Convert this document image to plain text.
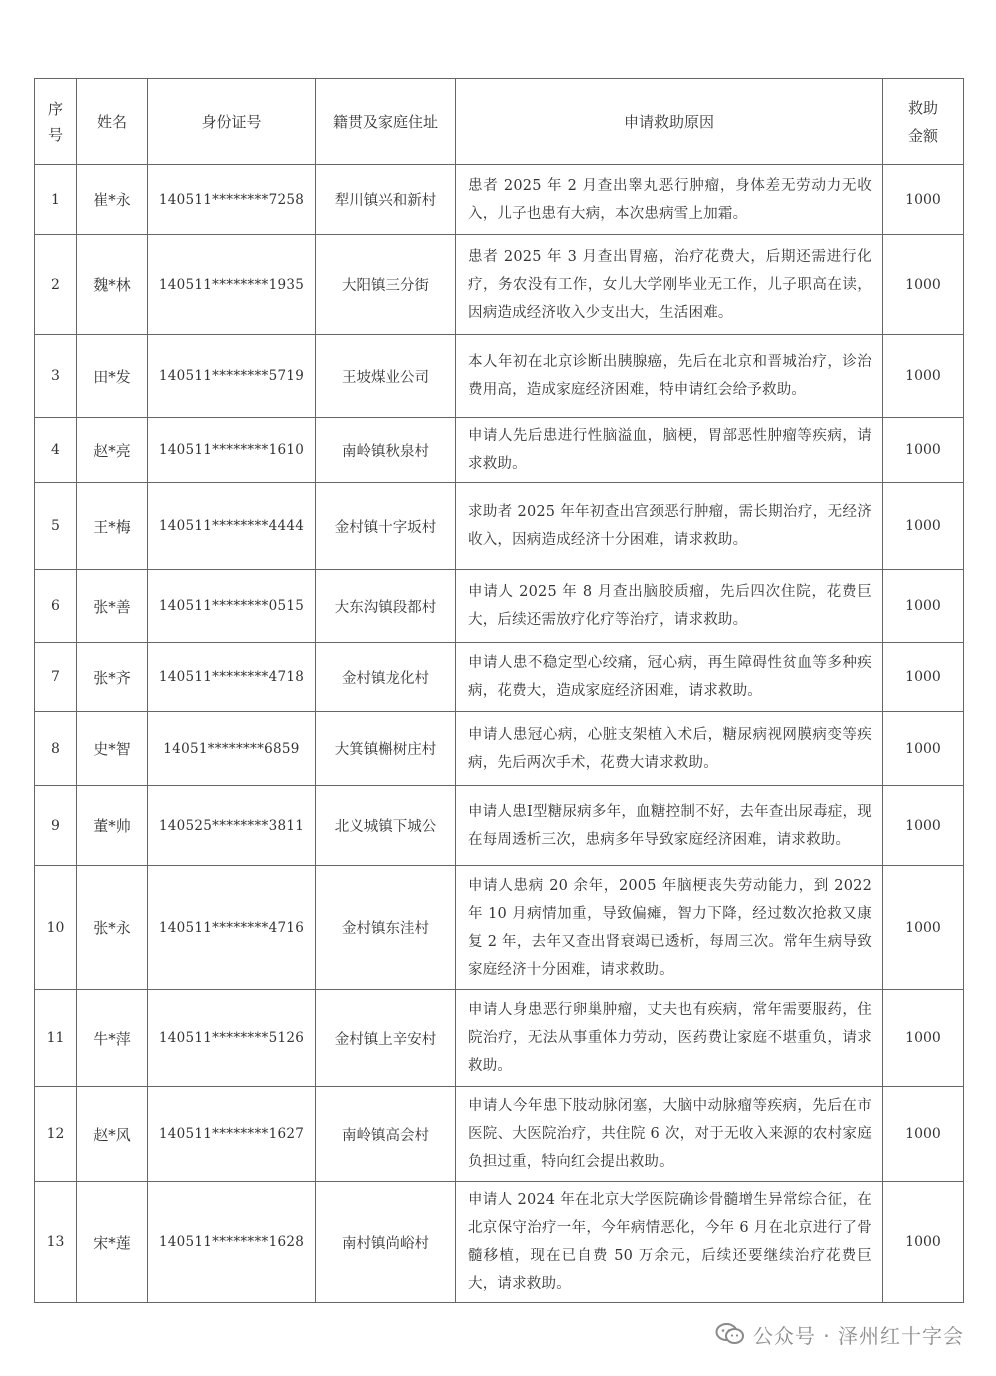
序号	姓名	身份证号	籍贯及家庭住址	申请救助原因	救助金额
1	崔*永	140511********7258	犁川镇兴和新村	患者 2025 年 2 月查出睾丸恶行肿瘤，身体差无劳动力无收入，儿子也患有大病，本次患病雪上加霜。	1000
2	魏*林	140511********1935	大阳镇三分街	患者 2025 年 3 月查出胃癌，治疗花费大，后期还需进行化疗，务农没有工作，女儿大学刚毕业无工作，儿子职高在读，因病造成经济收入少支出大，生活困难。	1000
3	田*发	140511********5719	王坡煤业公司	本人年初在北京诊断出胰腺癌，先后在北京和晋城治疗，诊治费用高，造成家庭经济困难，特申请红会给予救助。	1000
4	赵*亮	140511********1610	南岭镇秋泉村	申请人先后患进行性脑溢血，脑梗，胃部恶性肿瘤等疾病，请求救助。	1000
5	王*梅	140511********4444	金村镇十字坂村	求助者 2025 年年初查出宫颈恶行肿瘤，需长期治疗，无经济收入，因病造成经济十分困难，请求救助。	1000
6	张*善	140511********0515	大东沟镇段都村	申请人 2025 年 8 月查出脑胶质瘤，先后四次住院，花费巨大，后续还需放疗化疗等治疗，请求救助。	1000
7	张*齐	140511********4718	金村镇龙化村	申请人患不稳定型心绞痛，冠心病，再生障碍性贫血等多种疾病，花费大，造成家庭经济困难，请求救助。	1000
8	史*智	14051********6859	大箕镇槲树庄村	申请人患冠心病，心脏支架植入术后，糖尿病视网膜病变等疾病，先后两次手术，花费大请求救助。	1000
9	董*帅	140525********3811	北义城镇下城公	申请人患Ⅰ型糖尿病多年，血糖控制不好，去年查出尿毒症，现在每周透析三次，患病多年导致家庭经济困难，请求救助。	1000
10	张*永	140511********4716	金村镇东洼村	申请人患病 20 余年，2005 年脑梗丧失劳动能力，到 2022 年 10 月病情加重，导致偏瘫，智力下降，经过数次抢救又康复 2 年，去年又查出肾衰竭已透析，每周三次。常年生病导致家庭经济十分困难，请求救助。	1000
11	牛*萍	140511********5126	金村镇上辛安村	申请人身患恶行卵巢肿瘤，丈夫也有疾病，常年需要服药，住院治疗，无法从事重体力劳动，医药费让家庭不堪重负，请求救助。	1000
12	赵*风	140511********1627	南岭镇高会村	申请人今年患下肢动脉闭塞，大脑中动脉瘤等疾病，先后在市医院、大医院治疗，共住院 6 次，对于无收入来源的农村家庭负担过重，特向红会提出救助。	1000
13	宋*莲	140511********1628	南村镇尚峪村	申请人 2024 年在北京大学医院确诊骨髓增生异常综合征，在北京保守治疗一年，今年病情恶化，今年 6 月在北京进行了骨髓移植，现在已自费 50 万余元，后续还要继续治疗花费巨大，请求救助。	1000
公众号 · 泽州红十字会
